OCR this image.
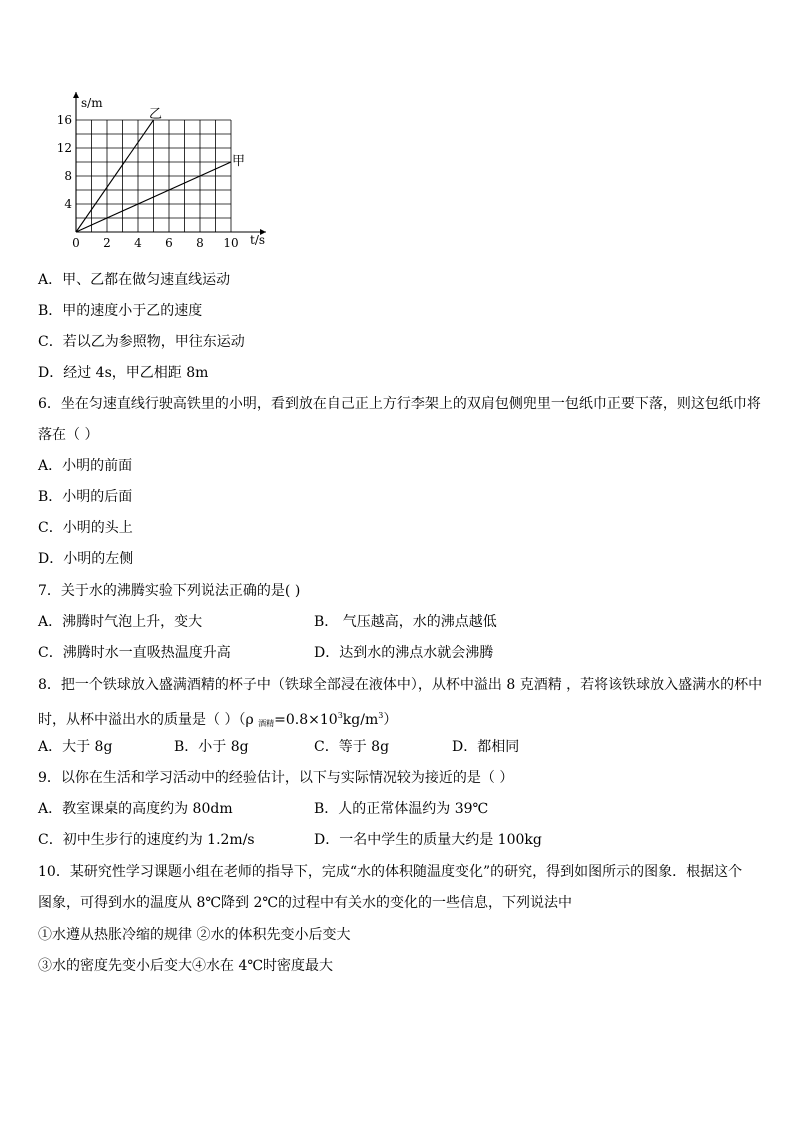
0 2 4 6 8 10
4
8
12
16
s/m
t/s
乙
甲
A．甲、乙都在做匀速直线运动
B．甲的速度小于乙的速度
C．若以乙为参照物，甲往东运动
D．经过 4s，甲乙相距 8m
6．坐在匀速直线行驶高铁里的小明，看到放在自己正上方行李架上的双肩包侧兜里一包纸巾正要下落，则这包纸巾将
落在（ ）
A．小明的前面
B．小明的后面
C．小明的头上
D．小明的左侧
7．关于水的沸腾实验下列说法正确的是( )
A．沸腾时气泡上升，变大	B． 气压越高，水的沸点越低
C．沸腾时水一直吸热温度升高	D．达到水的沸点水就会沸腾
8．把一个铁球放入盛满酒精的杯子中（铁球全部浸在液体中），从杯中溢出 8 克酒精 ，若将该铁球放入盛满水的杯中
时，从杯中溢出水的质量是（ ）（ρ 酒精$=0.8\times 10^3kg/m^3$）
A．大于 8g	B．小于 8g	C．等于 8g	D．都相同
9．以你在生活和学习活动中的经验估计，以下与实际情况较为接近的是（ ）
A．教室课桌的高度约为 80dm	B．人的正常体温约为 39℃
C．初中生步行的速度约为 1.2m/s	D．一名中学生的质量大约是 100kg
10．某研究性学习课题小组在老师的指导下，完成“水的体积随温度变化”的研究，得到如图所示的图象．根据这个
图象，可得到水的温度从 8℃降到 2℃的过程中有关水的变化的一些信息，下列说法中
①水遵从热胀冷缩的规律 ②水的体积先变小后变大
③水的密度先变小后变大④水在 4℃时密度最大
